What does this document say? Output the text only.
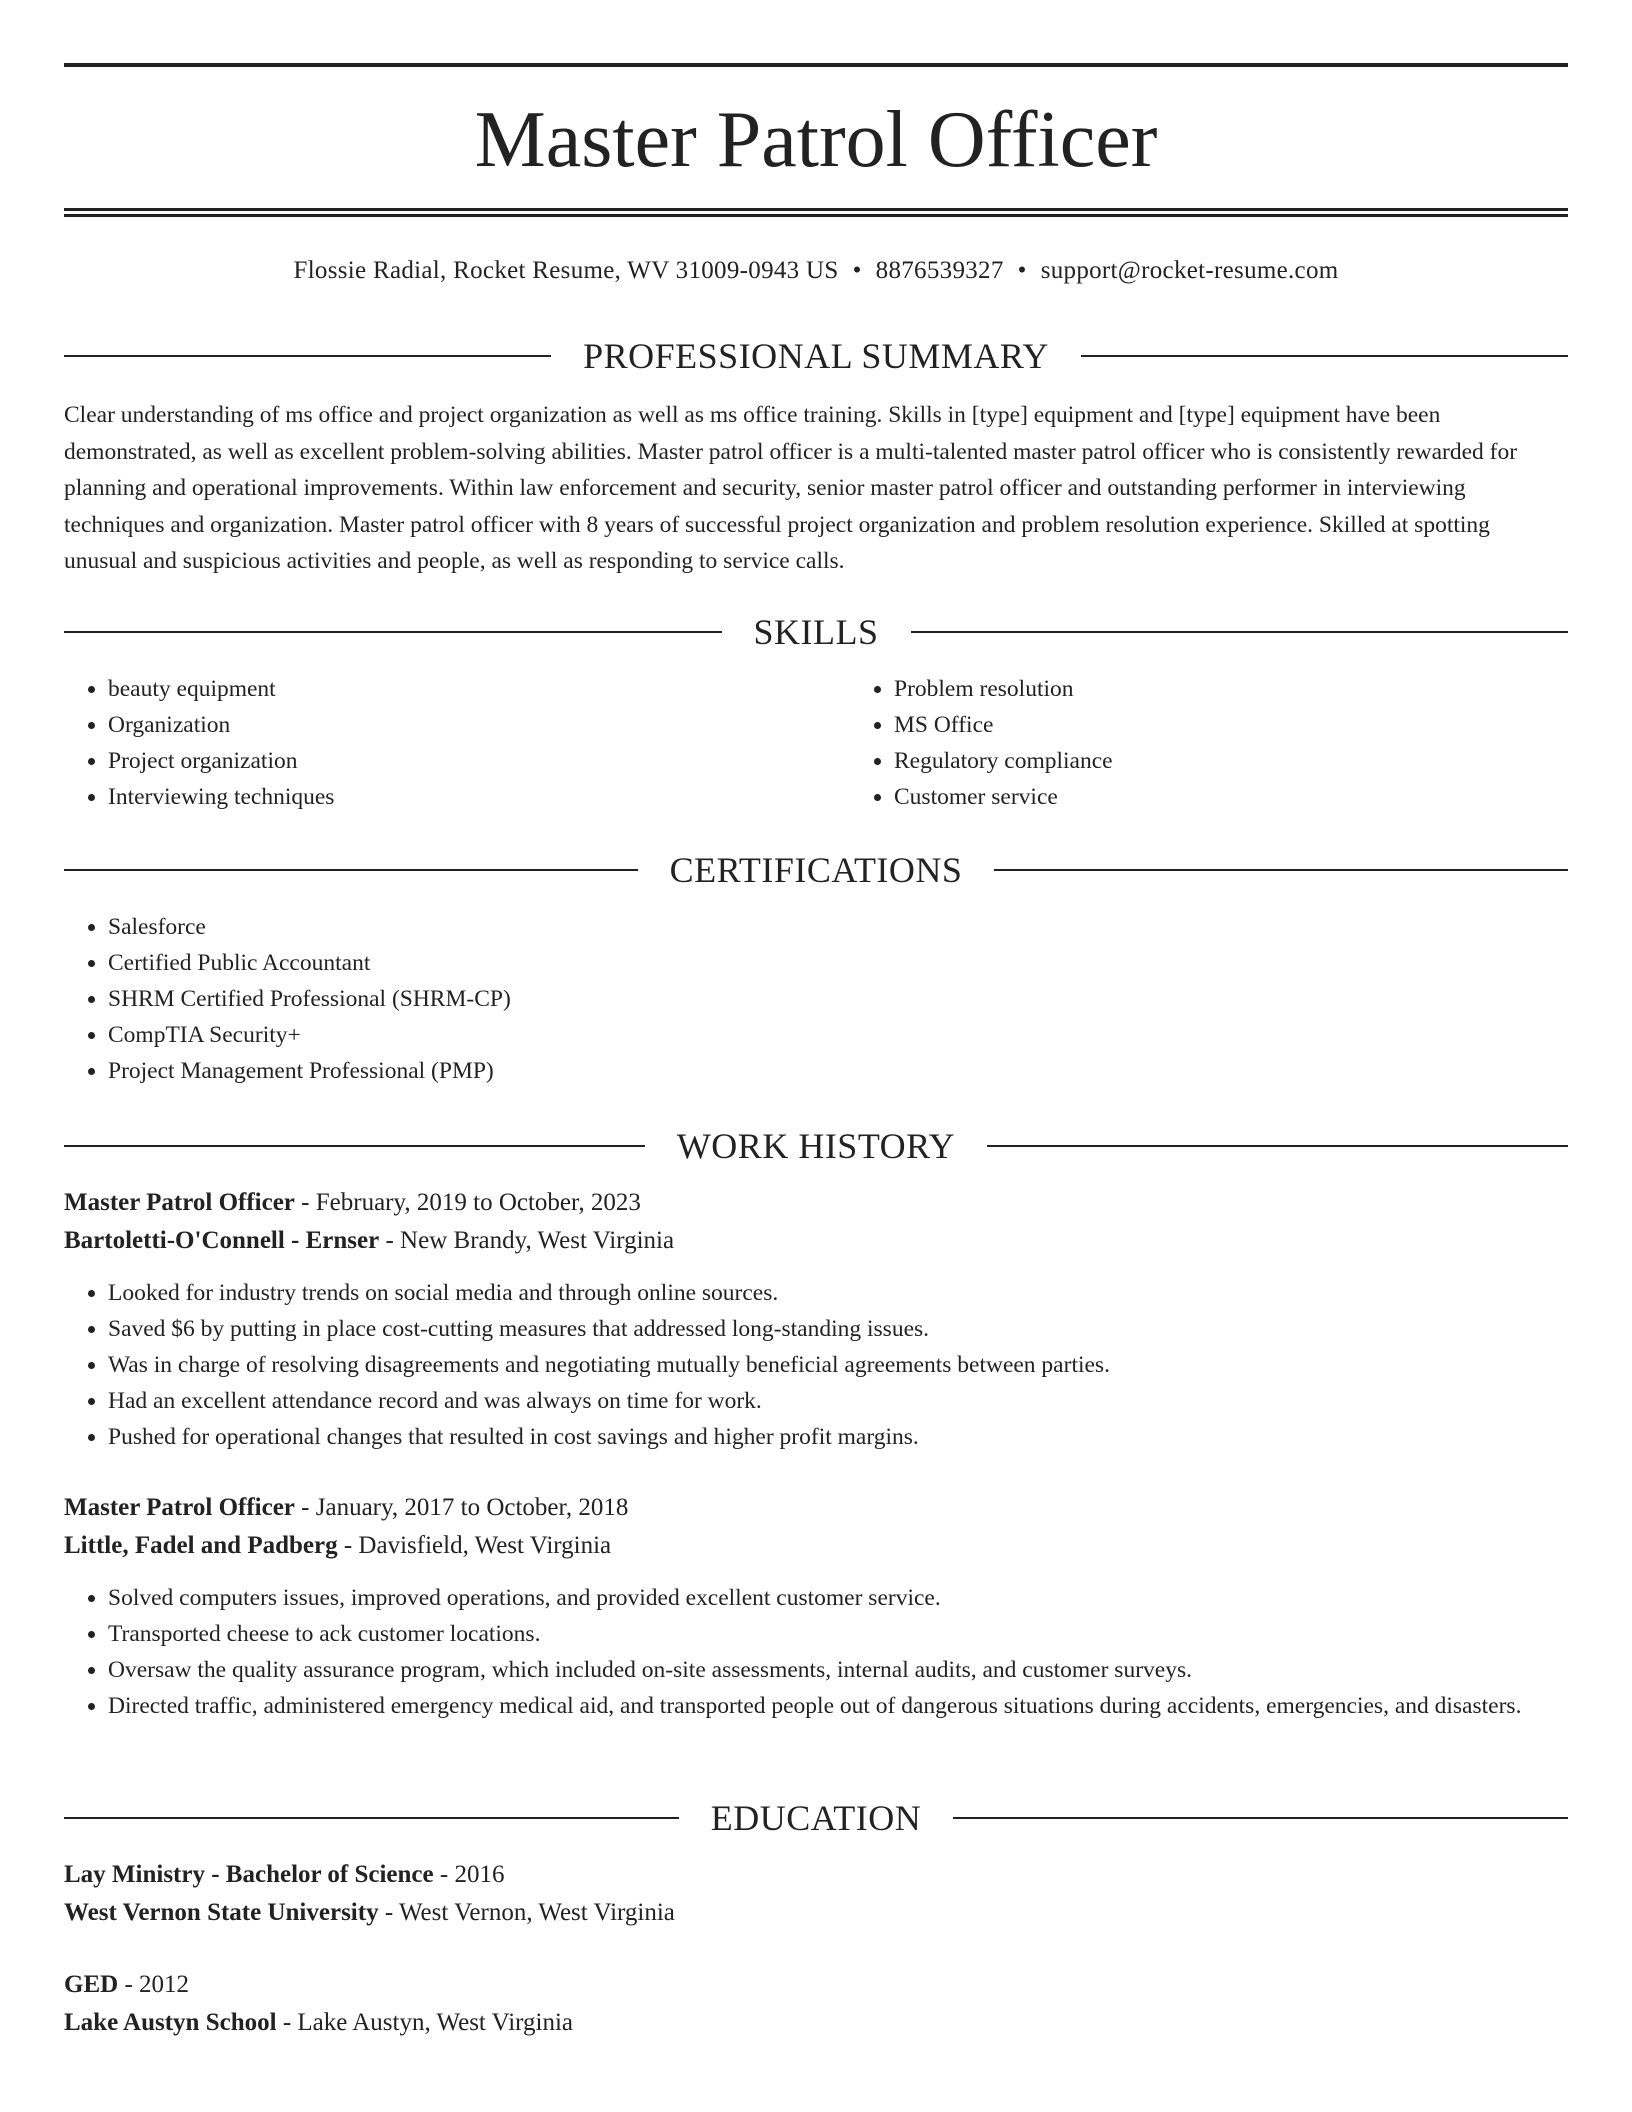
Master Patrol Officer
Flossie Radial, Rocket Resume, WV 31009-0943 US • 8876539327 • support@rocket-resume.com
PROFESSIONAL SUMMARY

Clear understanding of ms office and project organization as well as ms office training. Skills in [type] equipment and [type] equipment have been demonstrated, as well as excellent problem-solving abilities. Master patrol officer is a multi-talented master patrol officer who is consistently rewarded for planning and operational improvements. Within law enforcement and security, senior master patrol officer and outstanding performer in interviewing techniques and organization. Master patrol officer with 8 years of successful project organization and problem resolution experience. Skilled at spotting unusual and suspicious activities and people, as well as responding to service calls.

SKILLS
• beauty equipment
• Organization
• Project organization
• Interviewing techniques
• Problem resolution
• MS Office
• Regulatory compliance
• Customer service
CERTIFICATIONS
• Salesforce
• Certified Public Accountant
• SHRM Certified Professional (SHRM-CP)
• CompTIA Security+
• Project Management Professional (PMP)
WORK HISTORY
Master Patrol Officer - February, 2019 to October, 2023
Bartoletti-O'Connell - Ernser - New Brandy, West Virginia
• Looked for industry trends on social media and through online sources.
• Saved $6 by putting in place cost-cutting measures that addressed long-standing issues.
• Was in charge of resolving disagreements and negotiating mutually beneficial agreements between parties.
• Had an excellent attendance record and was always on time for work.
• Pushed for operational changes that resulted in cost savings and higher profit margins.
Master Patrol Officer - January, 2017 to October, 2018
Little, Fadel and Padberg - Davisfield, West Virginia
• Solved computers issues, improved operations, and provided excellent customer service.
• Transported cheese to ack customer locations.
• Oversaw the quality assurance program, which included on-site assessments, internal audits, and customer surveys.
• Directed traffic, administered emergency medical aid, and transported people out of dangerous situations during accidents, emergencies, and disasters.
EDUCATION
Lay Ministry - Bachelor of Science - 2016
West Vernon State University - West Vernon, West Virginia
GED - 2012
Lake Austyn School - Lake Austyn, West Virginia
